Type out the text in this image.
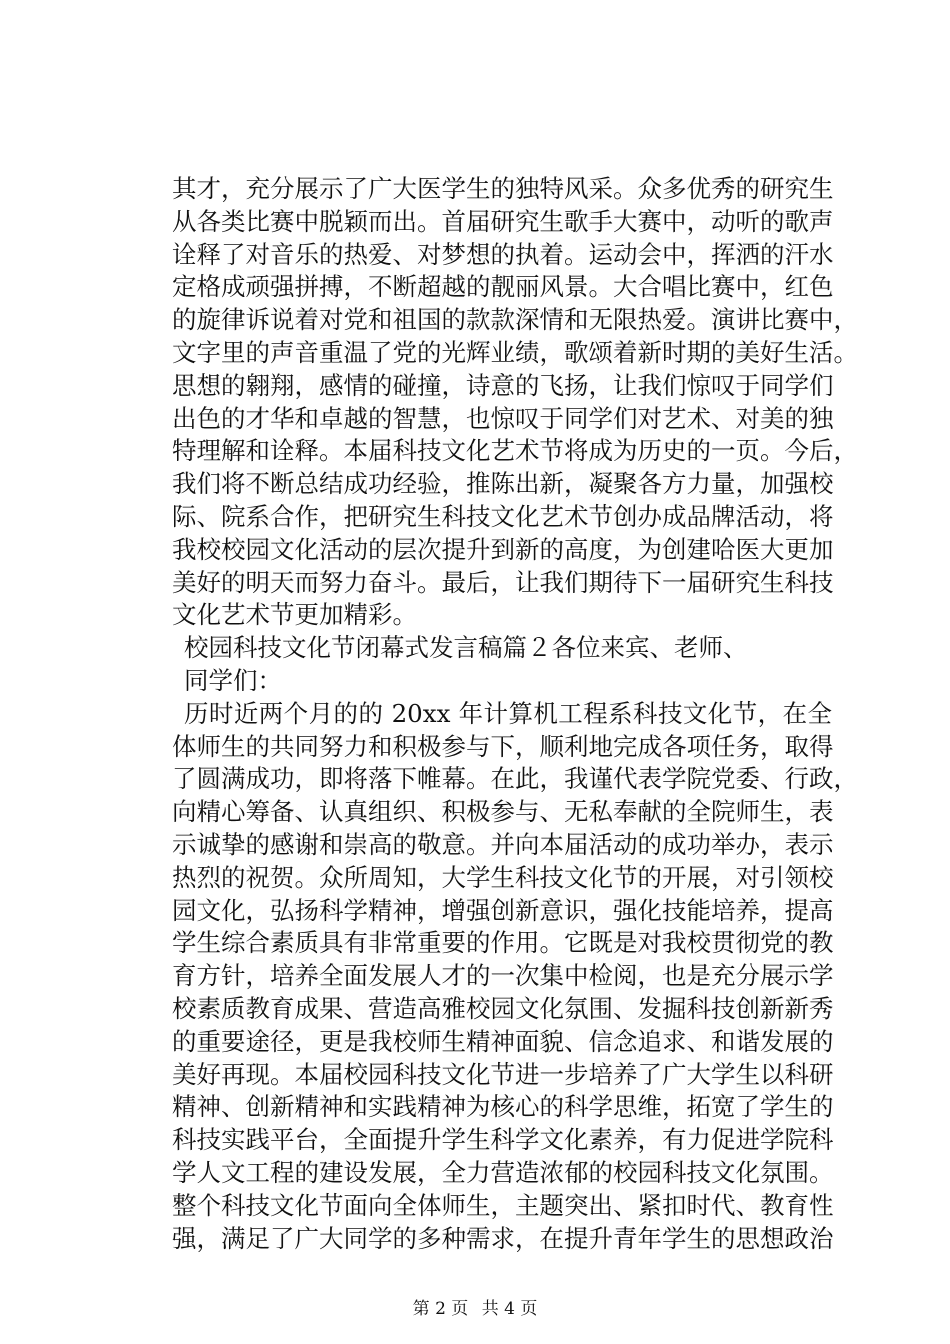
其才，充分展示了广大医学生的独特风采。众多优秀的研究生
从各类比赛中脱颖而出。首届研究生歌手大赛中，动听的歌声
诠释了对音乐的热爱、对梦想的执着。运动会中，挥洒的汗水
定格成顽强拼搏，不断超越的靓丽风景。大合唱比赛中，红色
的旋律诉说着对党和祖国的款款深情和无限热爱。演讲比赛中，
文字里的声音重温了党的光辉业绩，歌颂着新时期的美好生活。
思想的翱翔，感情的碰撞，诗意的飞扬，让我们惊叹于同学们
出色的才华和卓越的智慧，也惊叹于同学们对艺术、对美的独
特理解和诠释。本届科技文化艺术节将成为历史的一页。今后，
我们将不断总结成功经验，推陈出新，凝聚各方力量，加强校
际、院系合作，把研究生科技文化艺术节创办成品牌活动，将
我校校园文化活动的层次提升到新的高度，为创建哈医大更加
美好的明天而努力奋斗。最后，让我们期待下一届研究生科技
文化艺术节更加精彩。
校园科技文化节闭幕式发言稿篇２各位来宾、老师、
同学们：
历时近两个月的的 20xx 年计算机工程系科技文化节，在全
体师生的共同努力和积极参与下，顺利地完成各项任务，取得
了圆满成功，即将落下帷幕。在此，我谨代表学院党委、行政，
向精心筹备、认真组织、积极参与、无私奉献的全院师生，表
示诚挚的感谢和崇高的敬意。并向本届活动的成功举办，表示
热烈的祝贺。众所周知，大学生科技文化节的开展，对引领校
园文化，弘扬科学精神，增强创新意识，强化技能培养，提高
学生综合素质具有非常重要的作用。它既是对我校贯彻党的教
育方针，培养全面发展人才的一次集中检阅，也是充分展示学
校素质教育成果、营造高雅校园文化氛围、发掘科技创新新秀
的重要途径，更是我校师生精神面貌、信念追求、和谐发展的
美好再现。本届校园科技文化节进一步培养了广大学生以科研
精神、创新精神和实践精神为核心的科学思维，拓宽了学生的
科技实践平台，全面提升学生科学文化素养，有力促进学院科
学人文工程的建设发展，全力营造浓郁的校园科技文化氛围。
整个科技文化节面向全体师生，主题突出、紧扣时代、教育性
强，满足了广大同学的多种需求，在提升青年学生的思想政治
第 2 页 共 4 页
